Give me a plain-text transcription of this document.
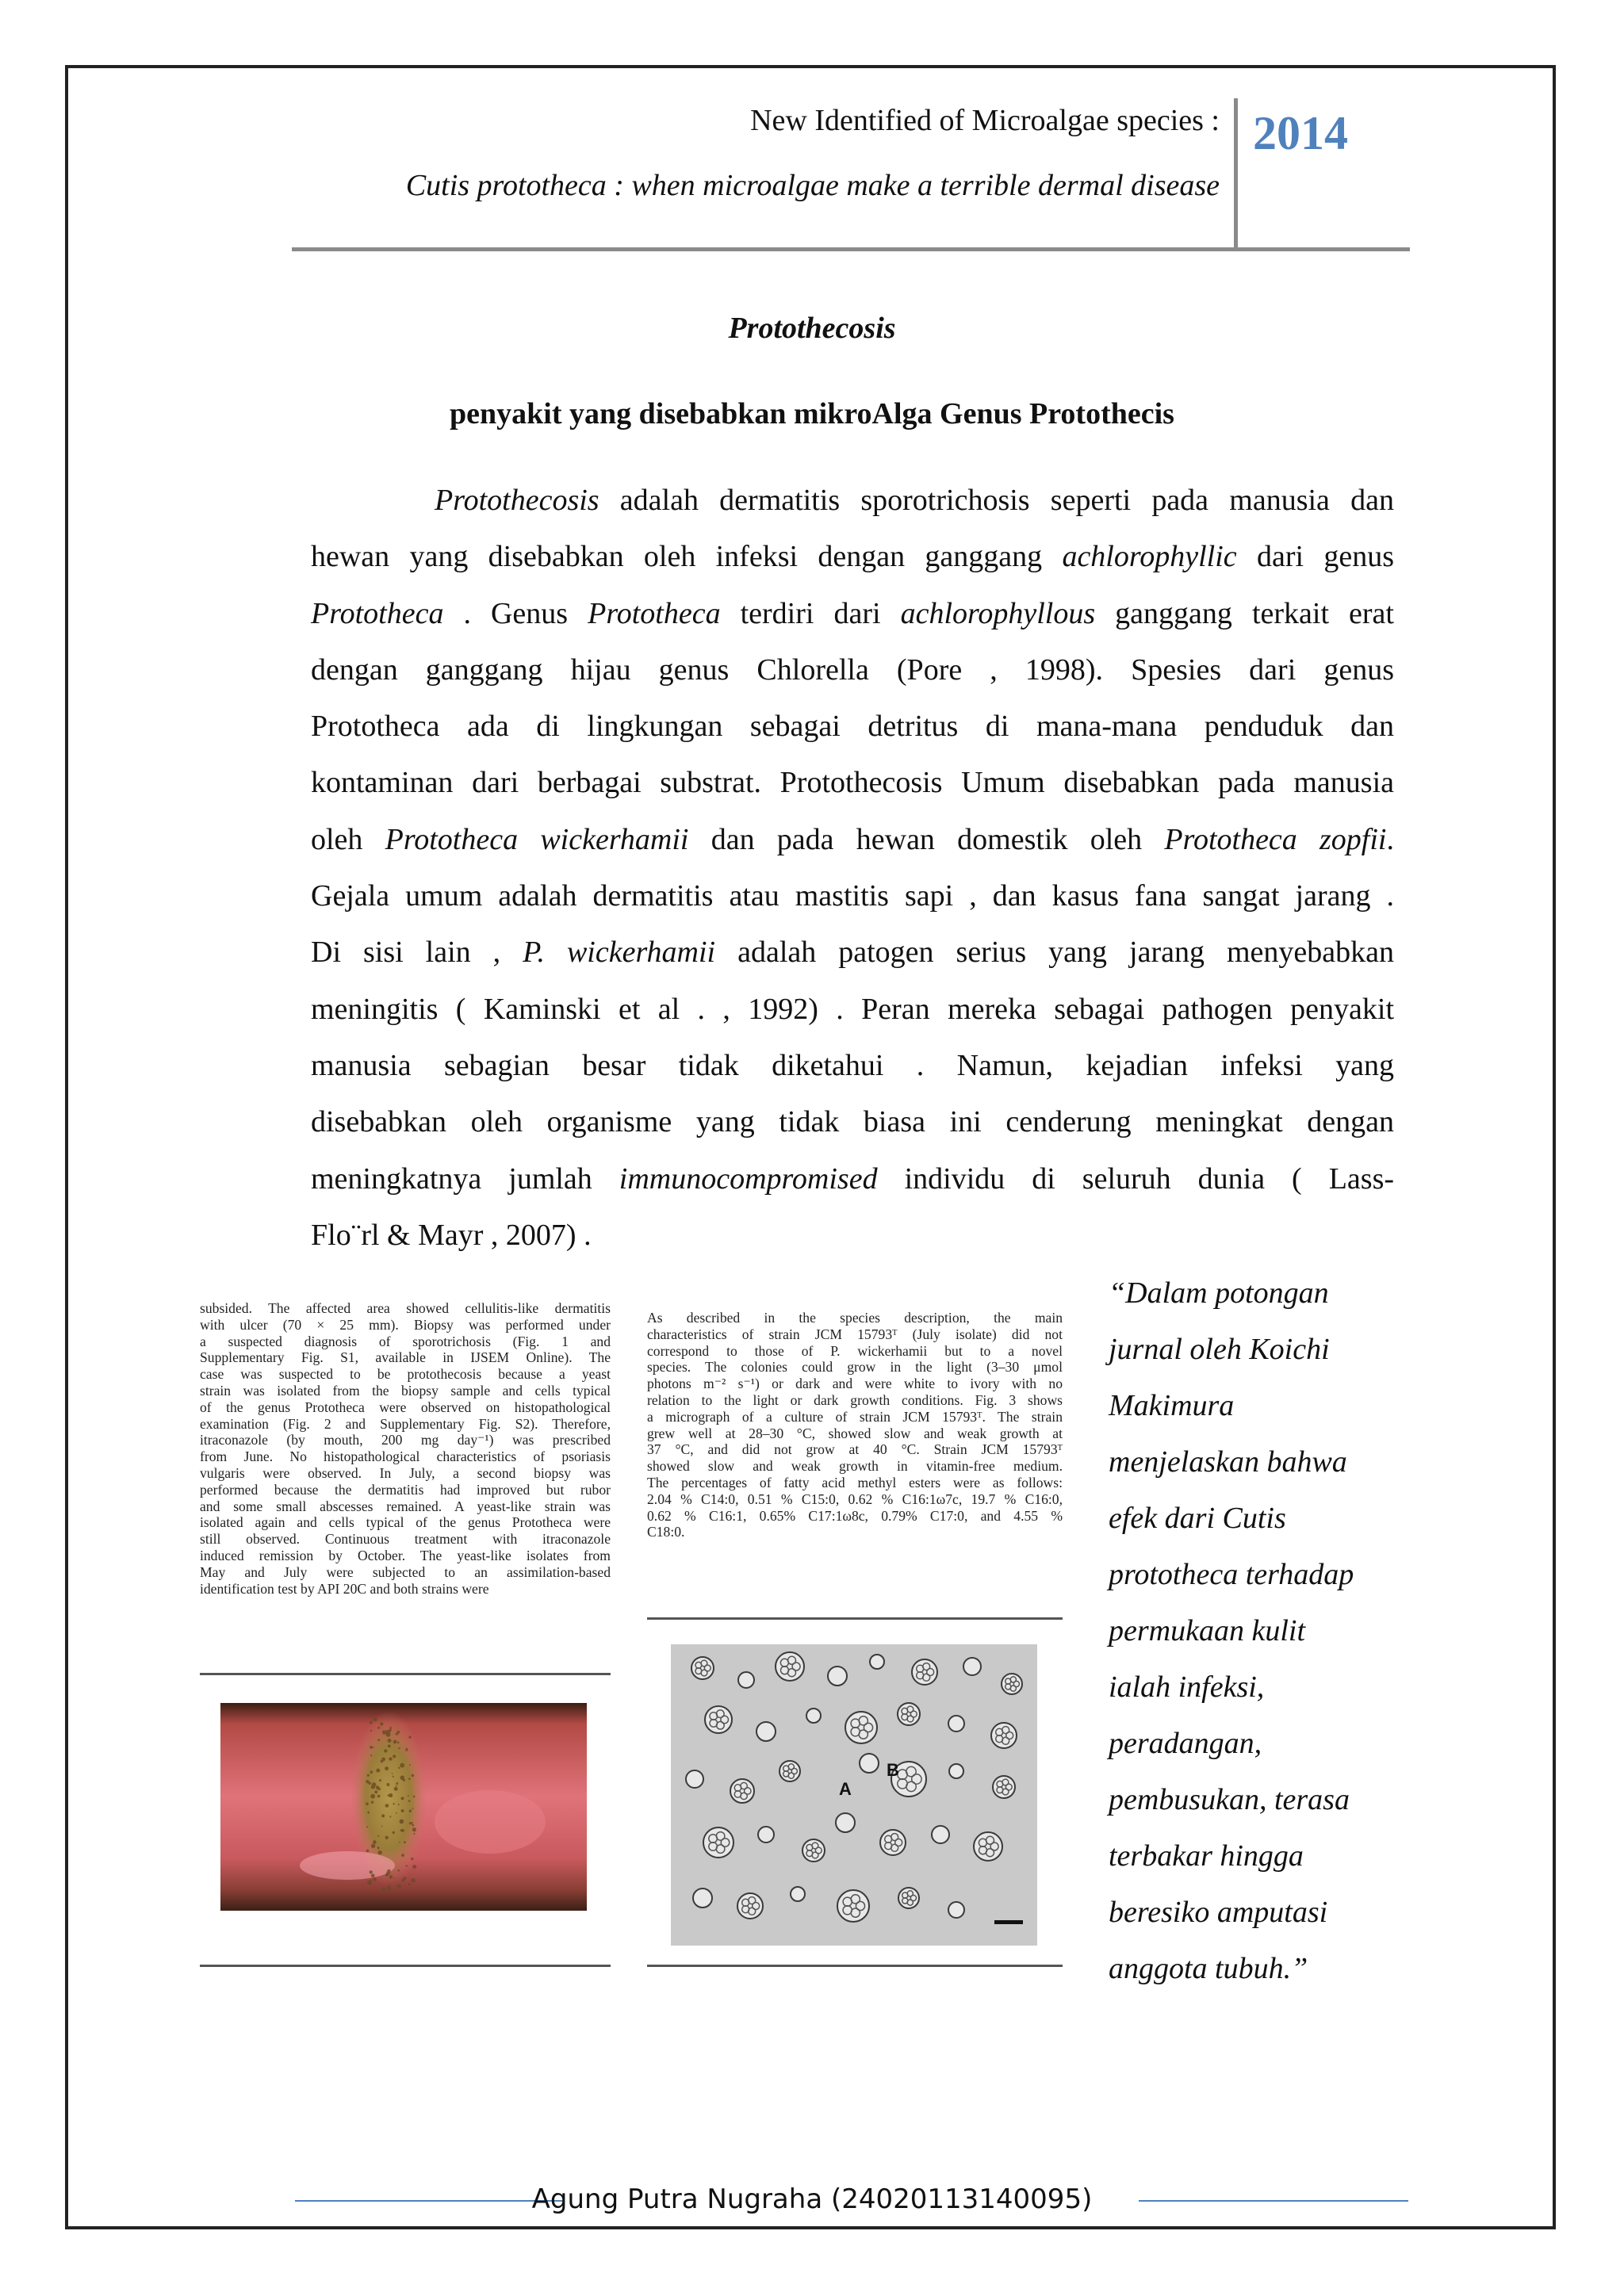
New Identified of Microalgae species :
Cutis prototheca : when microalgae make a terrible dermal disease
2014
Protothecosis
penyakit yang disebabkan mikroAlga Genus Protothecis

Protothecosis adalah dermatitis sporotrichosis seperti pada manusia dan
hewan yang disebabkan oleh infeksi dengan ganggang achlorophyllic dari genus
Prototheca . Genus Prototheca terdiri dari achlorophyllous ganggang terkait erat
dengan ganggang hijau genus Chlorella (Pore , 1998). Spesies dari genus
Prototheca ada di lingkungan sebagai detritus di mana-mana penduduk dan
kontaminan dari berbagai substrat. Protothecosis Umum disebabkan pada manusia
oleh Prototheca wickerhamii dan pada hewan domestik oleh Prototheca zopfii.
Gejala umum adalah dermatitis atau mastitis sapi , dan kasus fana sangat jarang .
Di sisi lain , P. wickerhamii adalah patogen serius yang jarang menyebabkan
meningitis ( Kaminski et al . , 1992) . Peran mereka sebagai pathogen penyakit
manusia sebagian besar tidak diketahui . Namun, kejadian infeksi yang
disebabkan oleh organisme yang tidak biasa ini cenderung meningkat dengan
meningkatnya jumlah immunocompromised individu di seluruh dunia ( Lass-
Flo¨rl & Mayr , 2007) .

subsided. The affected area showed cellulitis-like dermatitis
with ulcer (70 × 25 mm). Biopsy was performed under
a suspected diagnosis of sporotrichosis (Fig. 1 and
Supplementary Fig. S1, available in IJSEM Online). The
case was suspected to be protothecosis because a yeast
strain was isolated from the biopsy sample and cells typical
of the genus Prototheca were observed on histopathological
examination (Fig. 2 and Supplementary Fig. S2). Therefore,
itraconazole (by mouth, 200 mg day⁻¹) was prescribed
from June. No histopathological characteristics of psoriasis
vulgaris were observed. In July, a second biopsy was
performed because the dermatitis had improved but rubor
and some small abscesses remained. A yeast-like strain was
isolated again and cells typical of the genus Prototheca were
still observed. Continuous treatment with itraconazole
induced remission by October. The yeast-like isolates from
May and July were subjected to an assimilation-based
identification test by API 20C and both strains were
As described in the species description, the main
characteristics of strain JCM 15793ᵀ (July isolate) did not
correspond to those of P. wickerhamii but to a novel
species. The colonies could grow in the light (3–30 μmol
photons m⁻² s⁻¹) or dark and were white to ivory with no
relation to the light or dark growth conditions. Fig. 3 shows
a micrograph of a culture of strain JCM 15793ᵀ. The strain
grew well at 28–30 °C, showed slow and weak growth at
37 °C, and did not grow at 40 °C. Strain JCM 15793ᵀ
showed slow and weak growth in vitamin-free medium.
The percentages of fatty acid methyl esters were as follows:
2.04 % C14:0, 0.51 % C15:0, 0.62 % C16:1ω7c, 19.7 % C16:0,
0.62 % C16:1, 0.65% C17:1ω8c, 0.79% C17:0, and 4.55 %
C18:0.
A
B
“Dalam potongan
jurnal oleh Koichi
Makimura
menjelaskan bahwa
efek dari Cutis
prototheca terhadap
permukaan kulit
ialah infeksi,
peradangan,
pembusukan, terasa
terbakar hingga
beresiko amputasi
anggota tubuh.”
Agung Putra Nugraha (24020113140095)
